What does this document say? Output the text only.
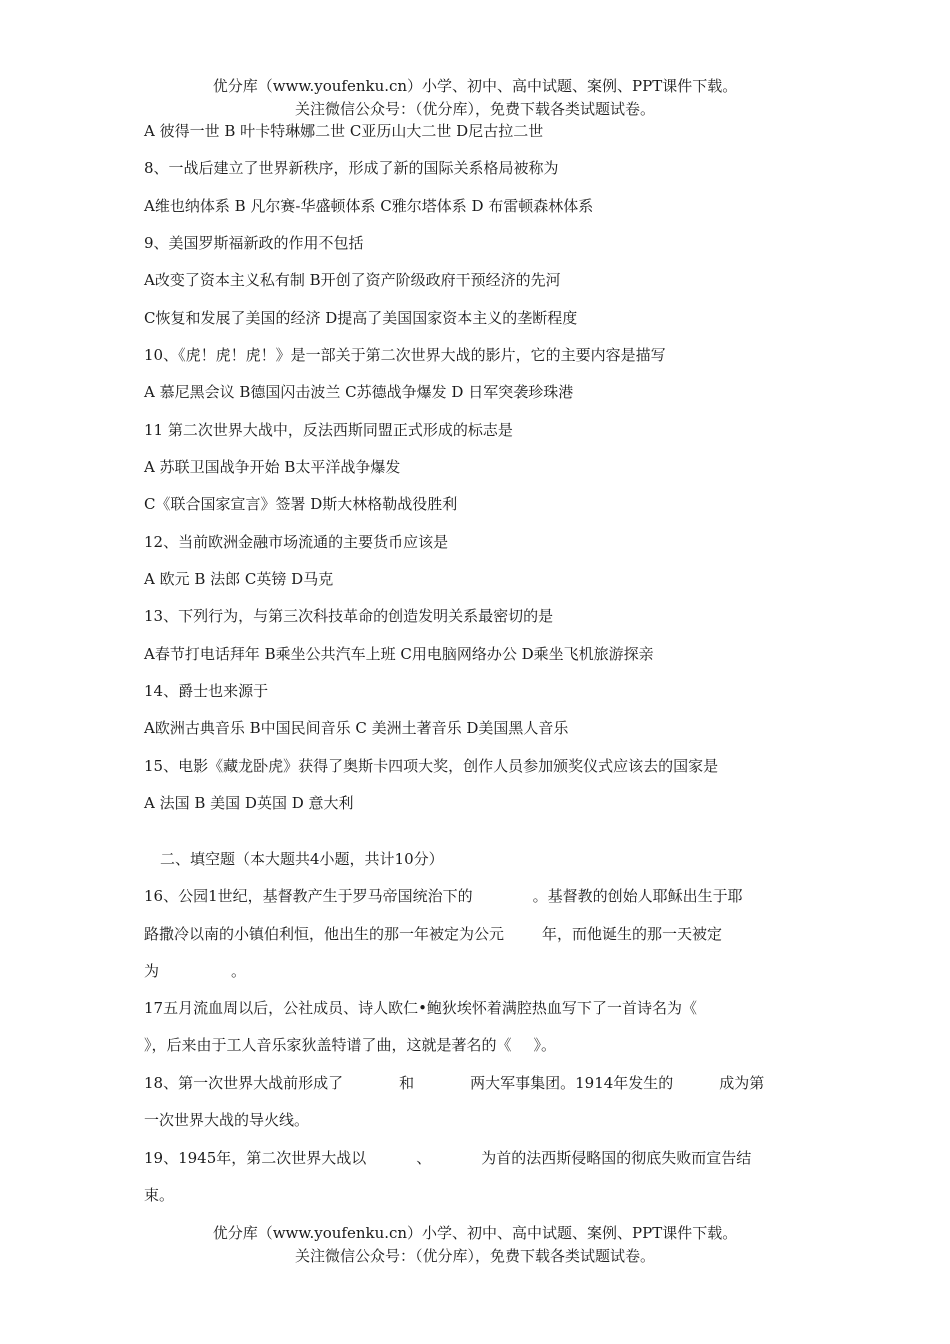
优分库（www.youfenku.cn）小学、初中、高中试题、案例、PPT课件下载。
关注微信公众号：（优分库），免费下载各类试题试卷。
A 彼得一世 B 叶卡特琳娜二世 C亚历山大二世 D尼古拉二世
8、一战后建立了世界新秩序，形成了新的国际关系格局被称为
A维也纳体系 B 凡尔赛-华盛顿体系 C雅尔塔体系 D 布雷顿森林体系
9、美国罗斯福新政的作用不包括
A改变了资本主义私有制 B开创了资产阶级政府干预经济的先河
C恢复和发展了美国的经济 D提高了美国国家资本主义的垄断程度
10、《虎！虎！虎！》是一部关于第二次世界大战的影片，它的主要内容是描写
A 慕尼黑会议 B德国闪击波兰 C苏德战争爆发 D 日军突袭珍珠港
11 第二次世界大战中，反法西斯同盟正式形成的标志是
A 苏联卫国战争开始 B太平洋战争爆发
C《联合国家宣言》签署 D斯大林格勒战役胜利
12、当前欧洲金融市场流通的主要货币应该是
A 欧元 B 法郎 C英镑 D马克
13、下列行为，与第三次科技革命的创造发明关系最密切的是
A春节打电话拜年 B乘坐公共汽车上班 C用电脑网络办公 D乘坐飞机旅游探亲
14、爵士也来源于
A欧洲古典音乐 B中国民间音乐 C 美洲土著音乐 D美国黑人音乐
15、电影《藏龙卧虎》获得了奥斯卡四项大奖，创作人员参加颁奖仪式应该去的国家是
A 法国 B 美国 D英国 D 意大利
二、填空题（本大题共4小题，共计10分）
16、公园1世纪，基督教产生于罗马帝国统治下的	。基督教的创始人耶稣出生于耶
路撒冷以南的小镇伯利恒，他出生的那一年被定为公元	年，而他诞生的那一天被定
为	。
17五月流血周以后，公社成员、诗人欧仁•鲍狄埃怀着满腔热血写下了一首诗名为《
》，后来由于工人音乐家狄盖特谱了曲，这就是著名的《 》。
18、第一次世界大战前形成了	和	两大军事集团。1914年发生的	成为第
一次世界大战的导火线。
19、1945年，第二次世界大战以	、	为首的法西斯侵略国的彻底失败而宣告结
束。
优分库（www.youfenku.cn）小学、初中、高中试题、案例、PPT课件下载。
关注微信公众号：（优分库），免费下载各类试题试卷。
